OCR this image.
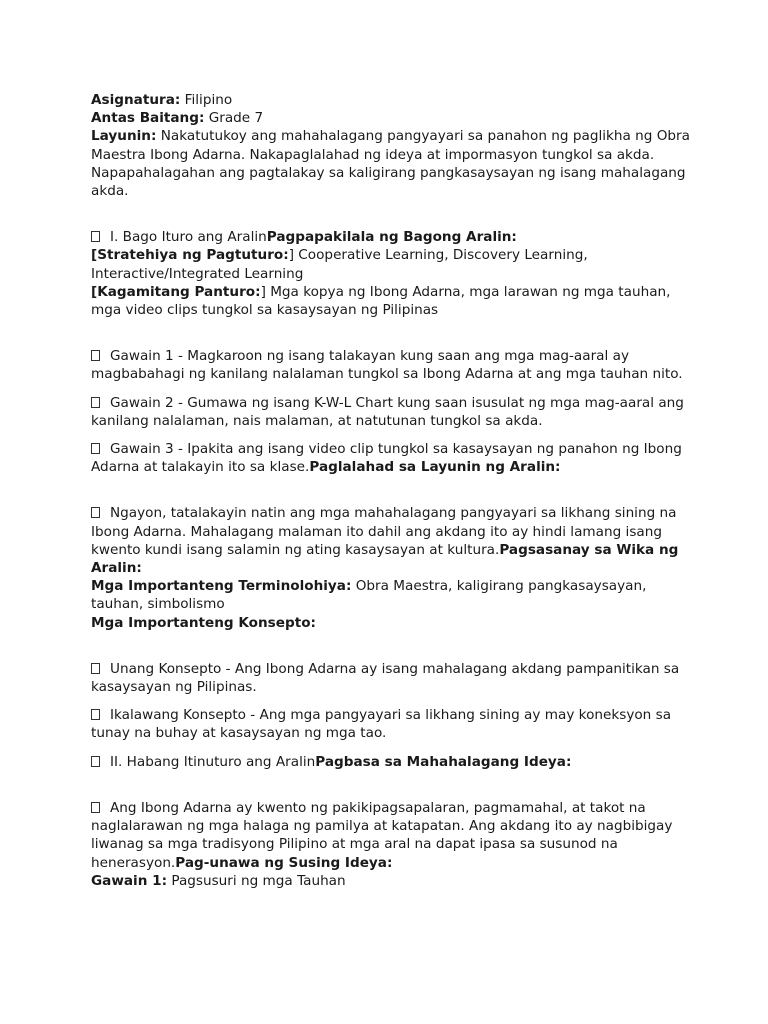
Asignatura: Filipino

Antas Baitang: Grade 7

Layunin: Nakatutukoy ang mahahalagang pangyayari sa panahon ng paglikha ng Obra Maestra Ibong Adarna. Nakapaglalahad ng ideya at impormasyon tungkol sa akda. Napapahalagahan ang pagtalakay sa kaligirang pangkasaysayan ng isang mahalagang akda.

I. Bago Ituro ang AralinPagpapakilala ng Bagong Aralin:

[Stratehiya ng Pagtuturo:] Cooperative Learning, Discovery Learning, Interactive/Integrated Learning

[Kagamitang Panturo:] Mga kopya ng Ibong Adarna, mga larawan ng mga tauhan, mga video clips tungkol sa kasaysayan ng Pilipinas

Gawain 1 - Magkaroon ng isang talakayan kung saan ang mga mag-aaral ay magbabahagi ng kanilang nalalaman tungkol sa Ibong Adarna at ang mga tauhan nito.

Gawain 2 - Gumawa ng isang K-W-L Chart kung saan isusulat ng mga mag-aaral ang kanilang nalalaman, nais malaman, at natutunan tungkol sa akda.

Gawain 3 - Ipakita ang isang video clip tungkol sa kasaysayan ng panahon ng Ibong Adarna at talakayin ito sa klase.Paglalahad sa Layunin ng Aralin:

Ngayon, tatalakayin natin ang mga mahahalagang pangyayari sa likhang sining na Ibong Adarna. Mahalagang malaman ito dahil ang akdang ito ay hindi lamang isang kwento kundi isang salamin ng ating kasaysayan at kultura.Pagsasanay sa Wika ng Aralin:

Mga Importanteng Terminolohiya: Obra Maestra, kaligirang pangkasaysayan, tauhan, simbolismo

Mga Importanteng Konsepto:

Unang Konsepto - Ang Ibong Adarna ay isang mahalagang akdang pampanitikan sa kasaysayan ng Pilipinas.

Ikalawang Konsepto - Ang mga pangyayari sa likhang sining ay may koneksyon sa tunay na buhay at kasaysayan ng mga tao.

II. Habang Itinuturo ang AralinPagbasa sa Mahahalagang Ideya:

Ang Ibong Adarna ay kwento ng pakikipagsapalaran, pagmamahal, at takot na naglalarawan ng mga halaga ng pamilya at katapatan. Ang akdang ito ay nagbibigay liwanag sa mga tradisyong Pilipino at mga aral na dapat ipasa sa susunod na henerasyon.Pag-unawa ng Susing Ideya:

Gawain 1: Pagsusuri ng mga Tauhan
